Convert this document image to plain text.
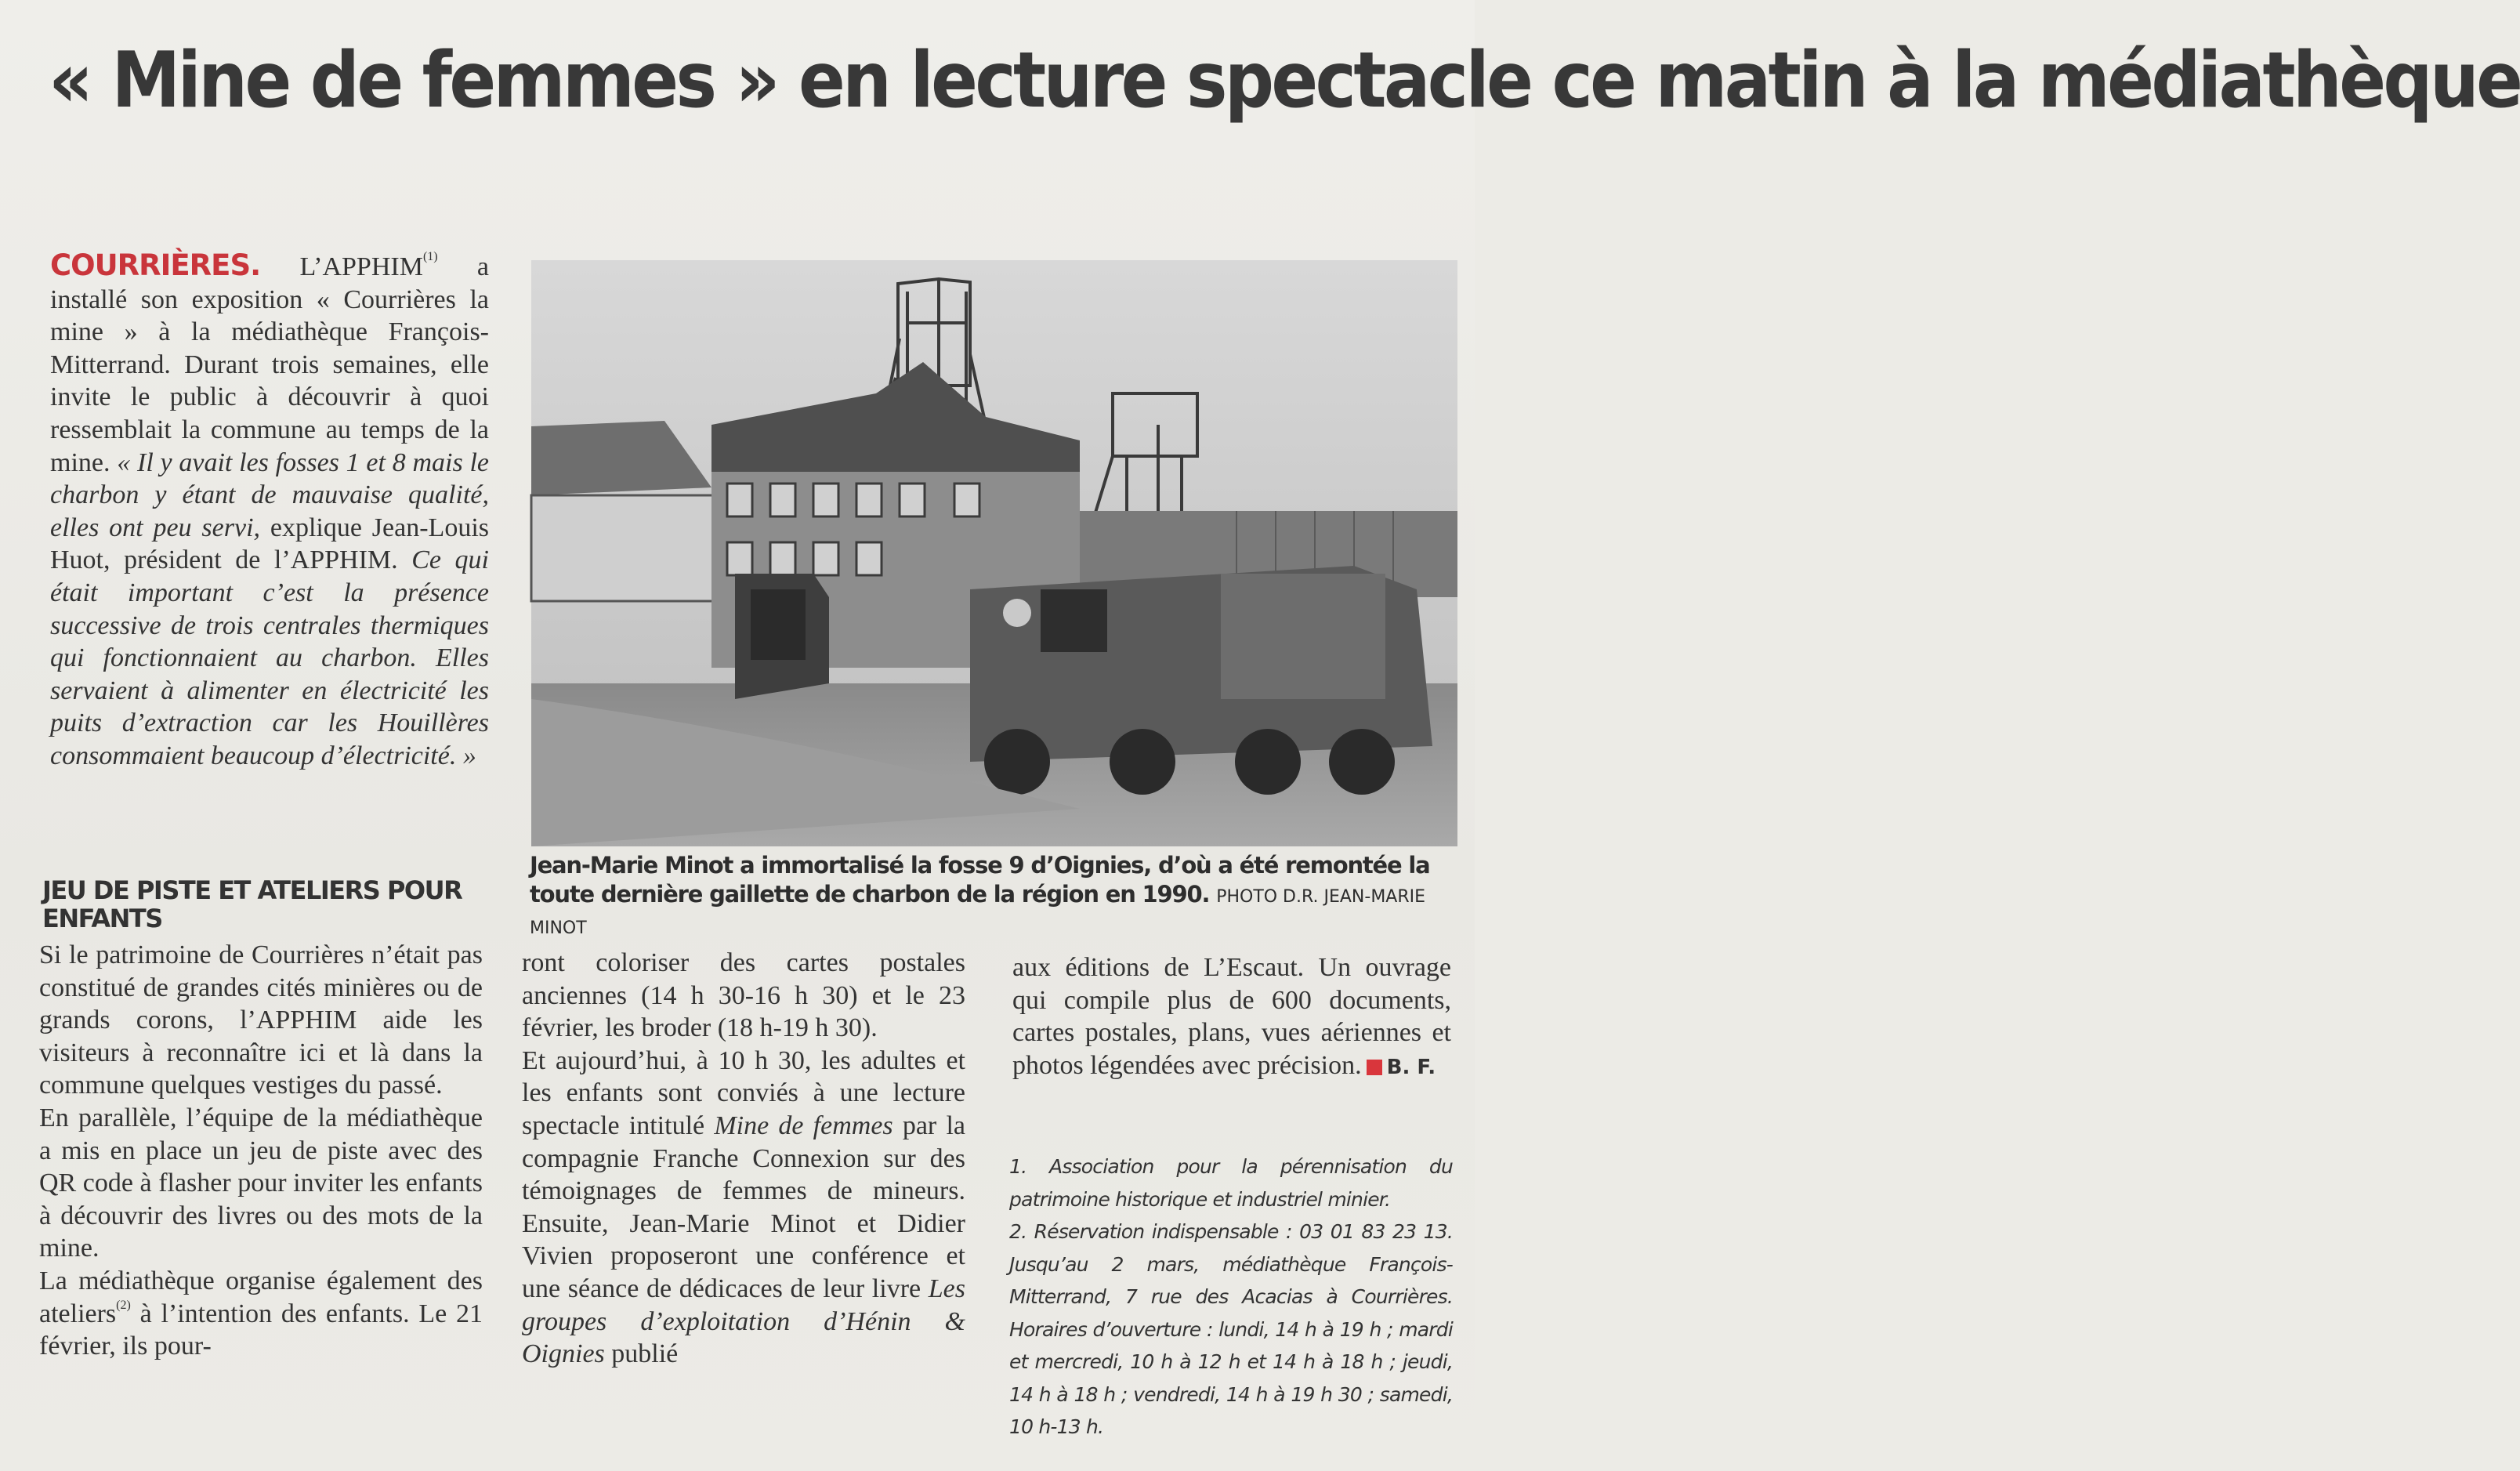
« Mine de femmes » en lecture spectacle ce matin à la médiathèque

COURRIÈRES. L’APPHIM$^{(1)}$ a installé son exposition « Courrières la mine » à la médiathèque François-Mitterrand. Durant trois semaines, elle invite le public à découvrir à quoi ressemblait la commune au temps de la mine. « Il y avait les fosses 1 et 8 mais le charbon y étant de mauvaise qualité, elles ont peu servi, explique Jean-Louis Huot, président de l’APPHIM. Ce qui était important c’est la présence successive de trois centrales thermiques qui fonctionnaient au charbon. Elles servaient à alimenter en électricité les puits d’extraction car les Houillères consommaient beaucoup d’électricité. »

JEU DE PISTE ET ATELIERS POUR ENFANTS

Si le patrimoine de Courrières n’était pas constitué de grandes cités minières ou de grands corons, l’APPHIM aide les visiteurs à reconnaître ici et là dans la commune quelques vestiges du passé.

En parallèle, l’équipe de la médiathèque a mis en place un jeu de piste avec des QR code à flasher pour inviter les enfants à découvrir des livres ou des mots de la mine.

La médiathèque organise également des ateliers$^{(2)}$ à l’intention des enfants. Le 21 février, ils pour-

ront coloriser des cartes postales anciennes (14 h 30-16 h 30) et le 23 février, les broder (18 h-19 h 30).

Et aujourd’hui, à 10 h 30, les adultes et les enfants sont conviés à une lecture spectacle intitulé Mine de femmes par la compagnie Franche Connexion sur des témoignages de femmes de mineurs. Ensuite, Jean-Marie Minot et Didier Vivien proposeront une conférence et une séance de dédicaces de leur livre Les groupes d’exploitation d’Hénin & Oignies publié

aux éditions de L’Escaut. Un ouvrage qui compile plus de 600 documents, cartes postales, plans, vues aériennes et photos légendées avec précision. B. F.

Jean-Marie Minot a immortalisé la fosse 9 d’Oignies, d’où a été remontée la toute dernière gaillette de charbon de la région en 1990. PHOTO D.R. JEAN-MARIE MINOT

1. Association pour la pérennisation du patrimoine historique et industriel minier.

2. Réservation indispensable : 03 01 83 23 13. Jusqu’au 2 mars, médiathèque François-Mitterrand, 7 rue des Acacias à Courrières. Horaires d’ouverture : lundi, 14 h à 19 h ; mardi et mercredi, 10 h à 12 h et 14 h à 18 h ; jeudi, 14 h à 18 h ; vendredi, 14 h à 19 h 30 ; samedi, 10 h-13 h.
